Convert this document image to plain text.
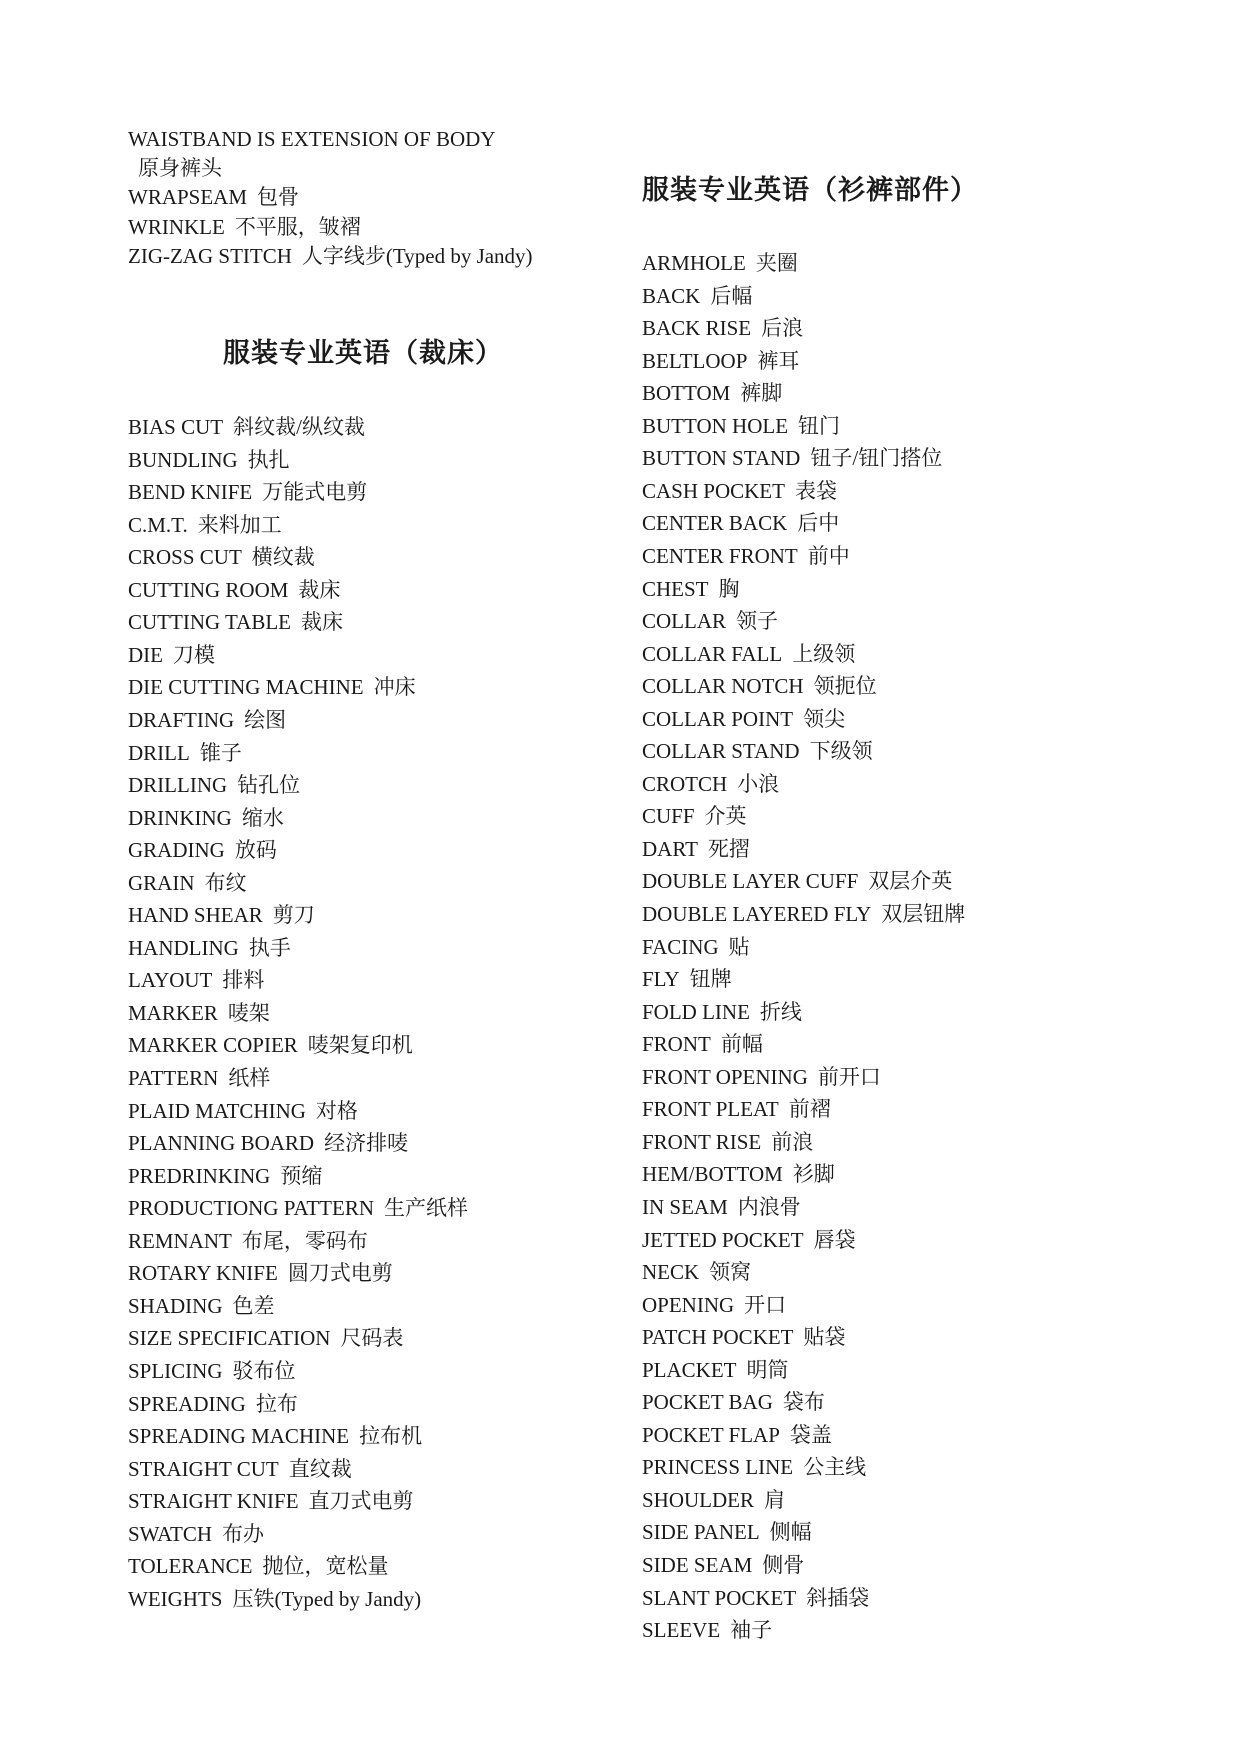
WAISTBAND IS EXTENSION OF BODY
原身裤头
WRAPSEAM 包骨
WRINKLE 不平服，皱褶
ZIG-ZAG STITCH 人字线步(Typed by Jandy)
服装专业英语（裁床）
BIAS CUT 斜纹裁/纵纹裁
BUNDLING 执扎
BEND KNIFE 万能式电剪
C.M.T. 来料加工
CROSS CUT 横纹裁
CUTTING ROOM 裁床
CUTTING TABLE 裁床
DIE 刀模
DIE CUTTING MACHINE 冲床
DRAFTING 绘图
DRILL 锥子
DRILLING 钻孔位
DRINKING 缩水
GRADING 放码
GRAIN 布纹
HAND SHEAR 剪刀
HANDLING 执手
LAYOUT 排料
MARKER 唛架
MARKER COPIER 唛架复印机
PATTERN 纸样
PLAID MATCHING 对格
PLANNING BOARD 经济排唛
PREDRINKING 预缩
PRODUCTIONG PATTERN 生产纸样
REMNANT 布尾，零码布
ROTARY KNIFE 圆刀式电剪
SHADING 色差
SIZE SPECIFICATION 尺码表
SPLICING 驳布位
SPREADING 拉布
SPREADING MACHINE 拉布机
STRAIGHT CUT 直纹裁
STRAIGHT KNIFE 直刀式电剪
SWATCH 布办
TOLERANCE 抛位，宽松量
WEIGHTS 压铁(Typed by Jandy)
服装专业英语（衫裤部件）
ARMHOLE 夹圈
BACK 后幅
BACK RISE 后浪
BELTLOOP 裤耳
BOTTOM 裤脚
BUTTON HOLE 钮门
BUTTON STAND 钮子/钮门搭位
CASH POCKET 表袋
CENTER BACK 后中
CENTER FRONT 前中
CHEST 胸
COLLAR 领子
COLLAR FALL 上级领
COLLAR NOTCH 领扼位
COLLAR POINT 领尖
COLLAR STAND 下级领
CROTCH 小浪
CUFF 介英
DART 死摺
DOUBLE LAYER CUFF 双层介英
DOUBLE LAYERED FLY 双层钮牌
FACING 贴
FLY 钮牌
FOLD LINE 折线
FRONT 前幅
FRONT OPENING 前开口
FRONT PLEAT 前褶
FRONT RISE 前浪
HEM/BOTTOM 衫脚
IN SEAM 内浪骨
JETTED POCKET 唇袋
NECK 领窝
OPENING 开口
PATCH POCKET 贴袋
PLACKET 明筒
POCKET BAG 袋布
POCKET FLAP 袋盖
PRINCESS LINE 公主线
SHOULDER 肩
SIDE PANEL 侧幅
SIDE SEAM 侧骨
SLANT POCKET 斜插袋
SLEEVE 袖子
